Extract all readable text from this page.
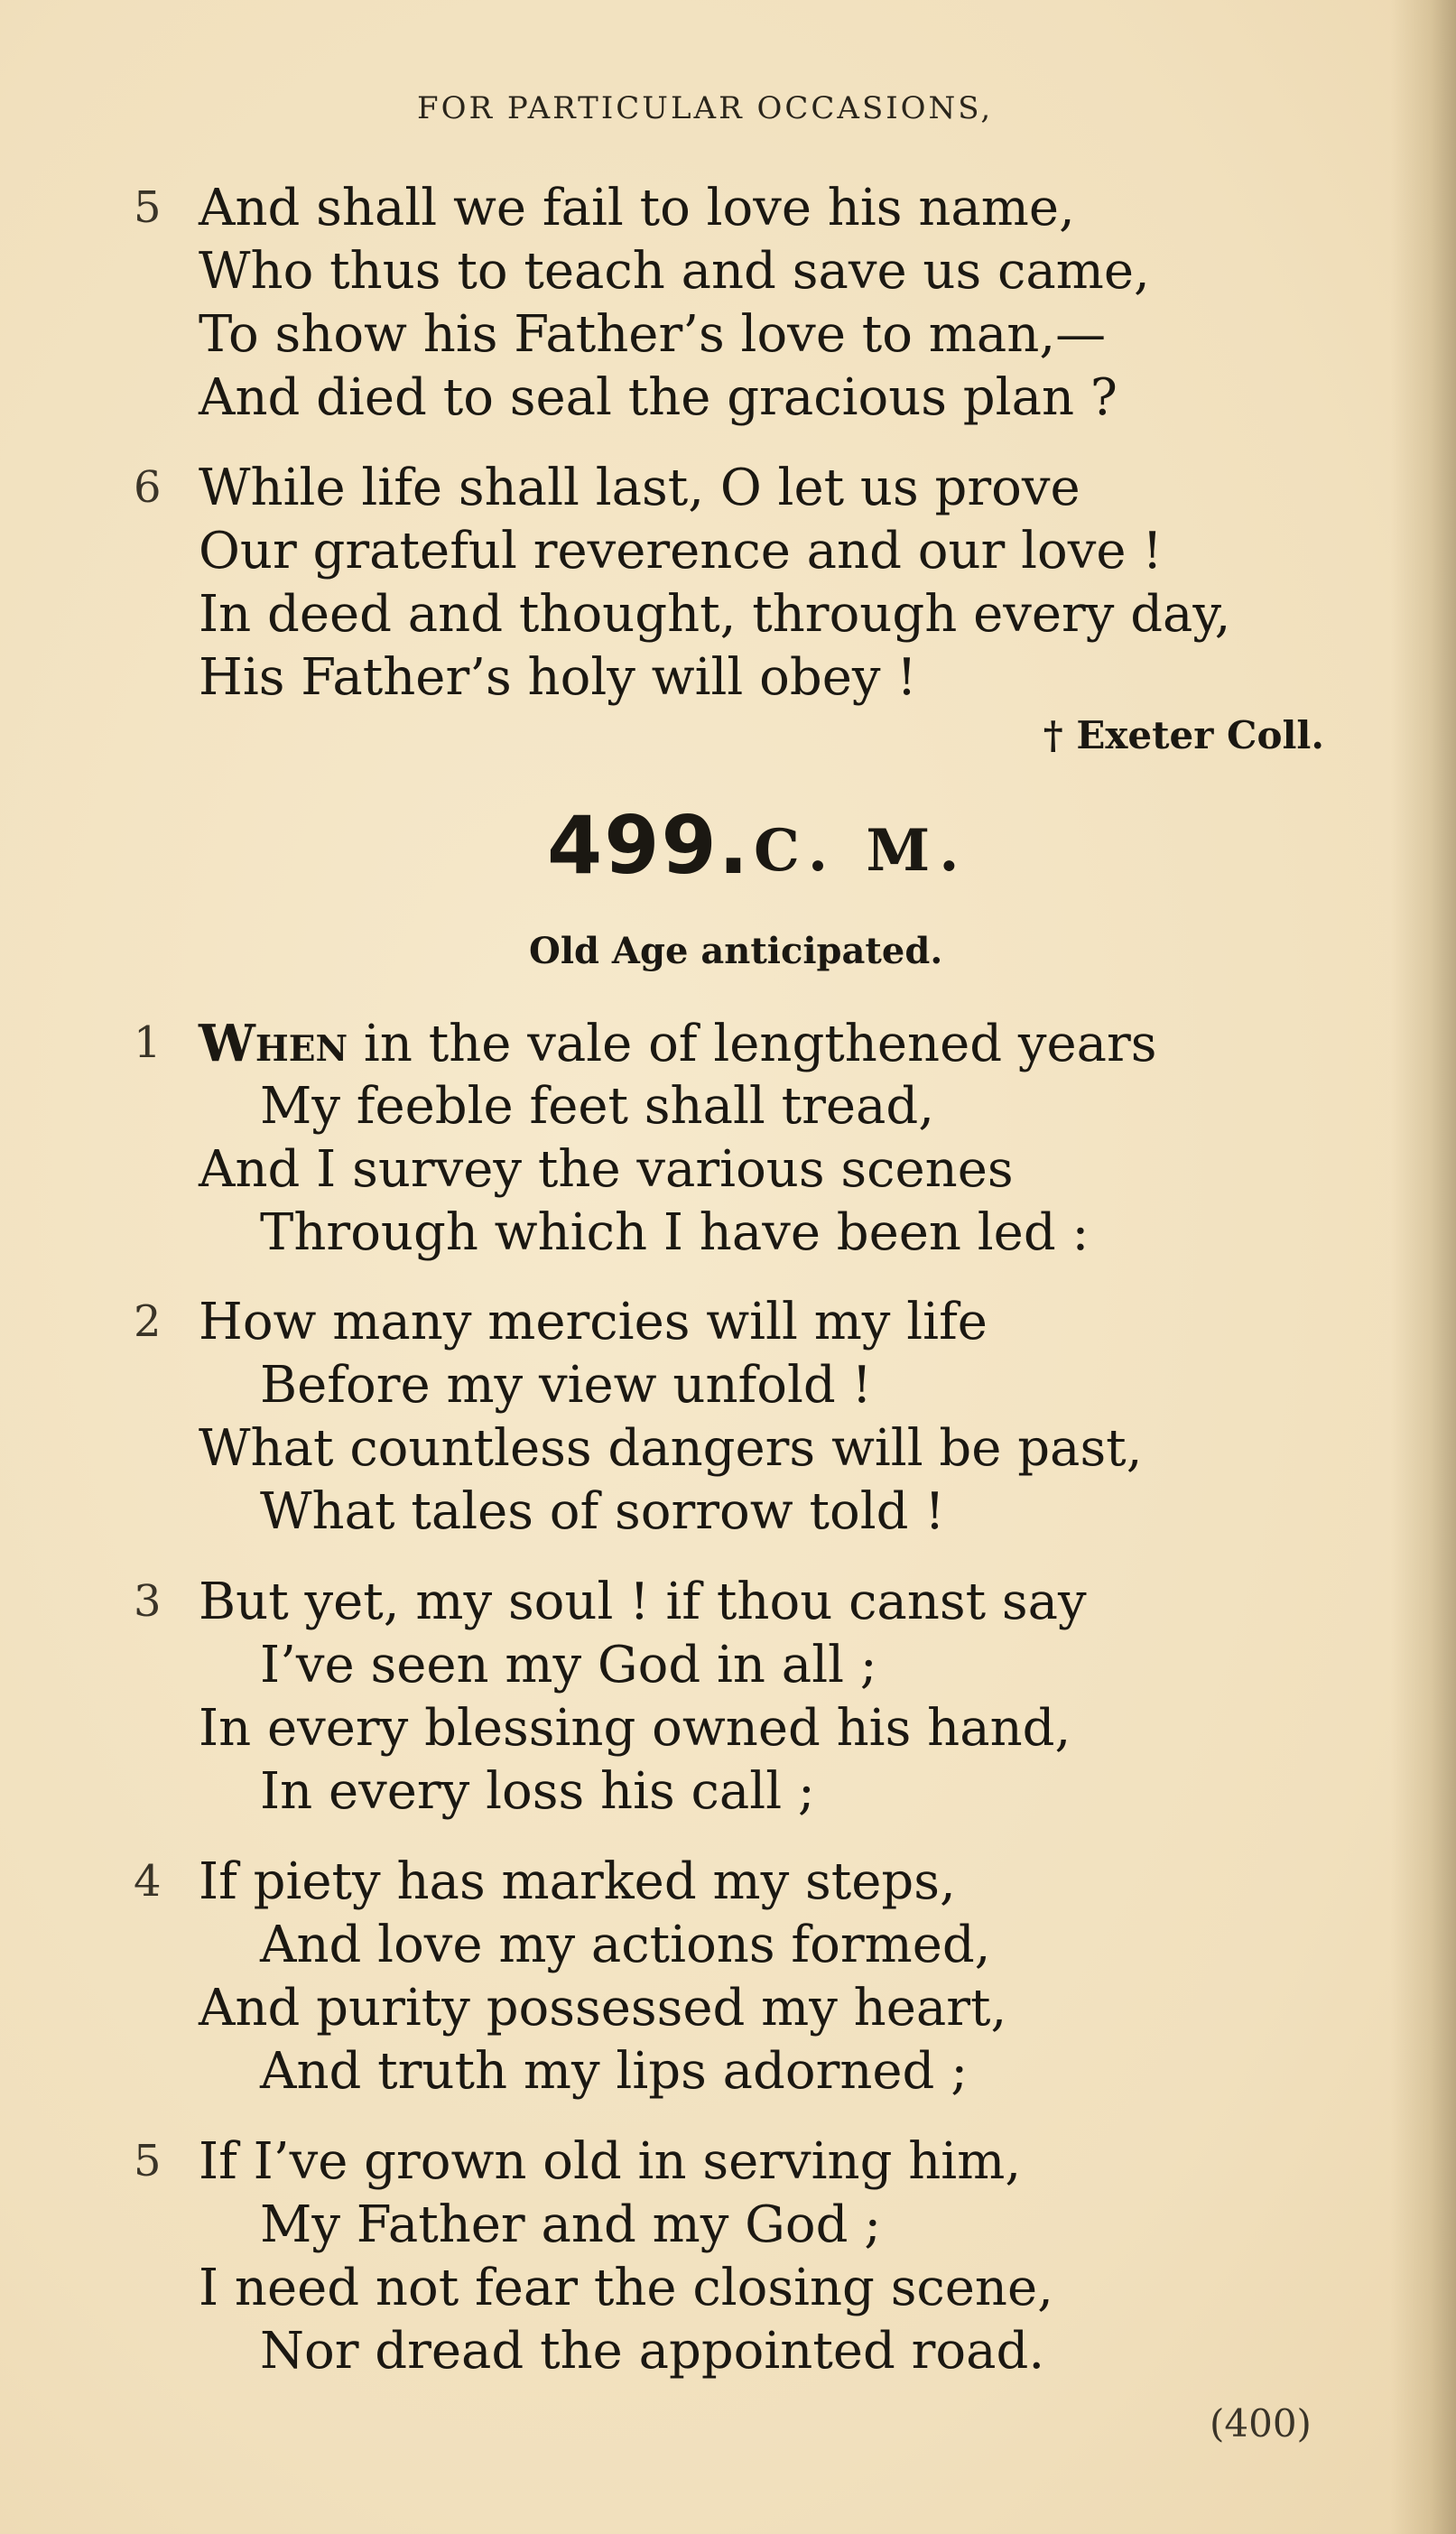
FOR PARTICULAR OCCASIONS,
5 And shall we fail to love his name,
Who thus to teach and save us came,
To show his Father’s love to man,—
And died to seal the gracious plan ?
6 While life shall last, O let us prove
Our grateful reverence and our love !
In deed and thought, through every day,
His Father’s holy will obey !
† Exeter Coll.
499. C. M.
Old Age anticipated.
1 When in the vale of lengthened years
My feeble feet shall tread,
And I survey the various scenes
Through which I have been led :
2 How many mercies will my life
Before my view unfold !
What countless dangers will be past,
What tales of sorrow told !
3 But yet, my soul ! if thou canst say
I’ve seen my God in all ;
In every blessing owned his hand,
In every loss his call ;
4 If piety has marked my steps,
And love my actions formed,
And purity possessed my heart,
And truth my lips adorned ;
5 If I’ve grown old in serving him,
My Father and my God ;
I need not fear the closing scene,
Nor dread the appointed road.
(400)
